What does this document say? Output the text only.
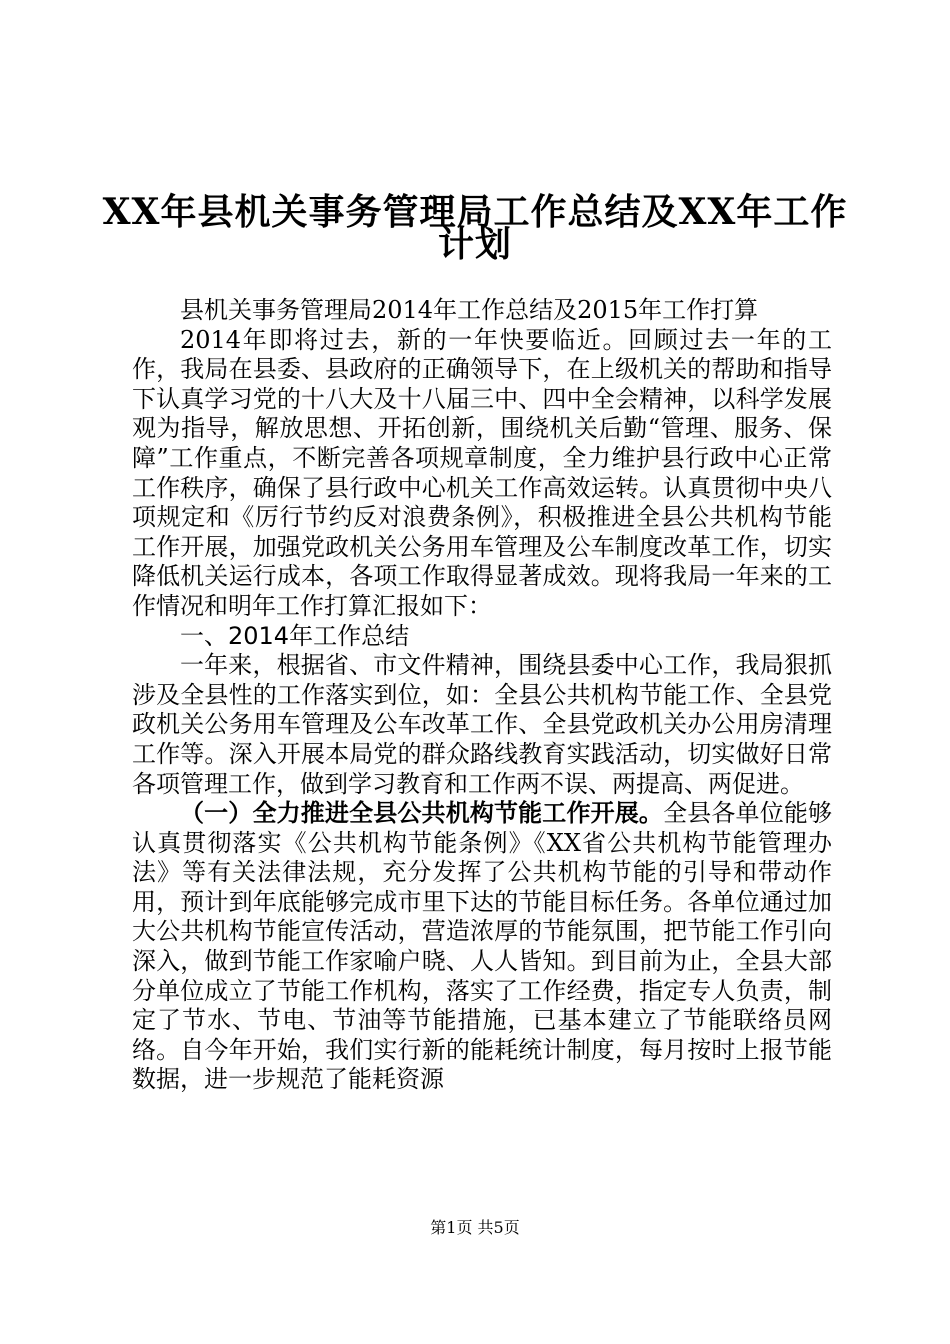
XX年县机关事务管理局工作总结及XX年工作
计划

县机关事务管理局2014年工作总结及2015年工作打算

2014年即将过去，新的一年快要临近。回顾过去一年的工作，我局在县委、县政府的正确领导下，在上级机关的帮助和指导下认真学习党的十八大及十八届三中、四中全会精神，以科学发展观为指导，解放思想、开拓创新，围绕机关后勤“管理、服务、保障”工作重点，不断完善各项规章制度，全力维护县行政中心正常工作秩序，确保了县行政中心机关工作高效运转。认真贯彻中央八项规定和《厉行节约反对浪费条例》，积极推进全县公共机构节能工作开展，加强党政机关公务用车管理及公车制度改革工作，切实降低机关运行成本，各项工作取得显著成效。现将我局一年来的工作情况和明年工作打算汇报如下：

一、2014年工作总结

一年来，根据省、市文件精神，围绕县委中心工作，我局狠抓涉及全县性的工作落实到位，如：全县公共机构节能工作、全县党政机关公务用车管理及公车改革工作、全县党政机关办公用房清理工作等。深入开展本局党的群众路线教育实践活动，切实做好日常各项管理工作，做到学习教育和工作两不误、两提高、两促进。

（一）全力推进全县公共机构节能工作开展。全县各单位能够认真贯彻落实《公共机构节能条例》《XX省公共机构节能管理办法》等有关法律法规，充分发挥了公共机构节能的引导和带动作用，预计到年底能够完成市里下达的节能目标任务。各单位通过加大公共机构节能宣传活动，营造浓厚的节能氛围，把节能工作引向深入，做到节能工作家喻户晓、人人皆知。到目前为止，全县大部分单位成立了节能工作机构，落实了工作经费，指定专人负责，制定了节水、节电、节油等节能措施，已基本建立了节能联络员网络。自今年开始，我们实行新的能耗统计制度，每月按时上报节能数据，进一步规范了能耗资源

第1页 共5页
